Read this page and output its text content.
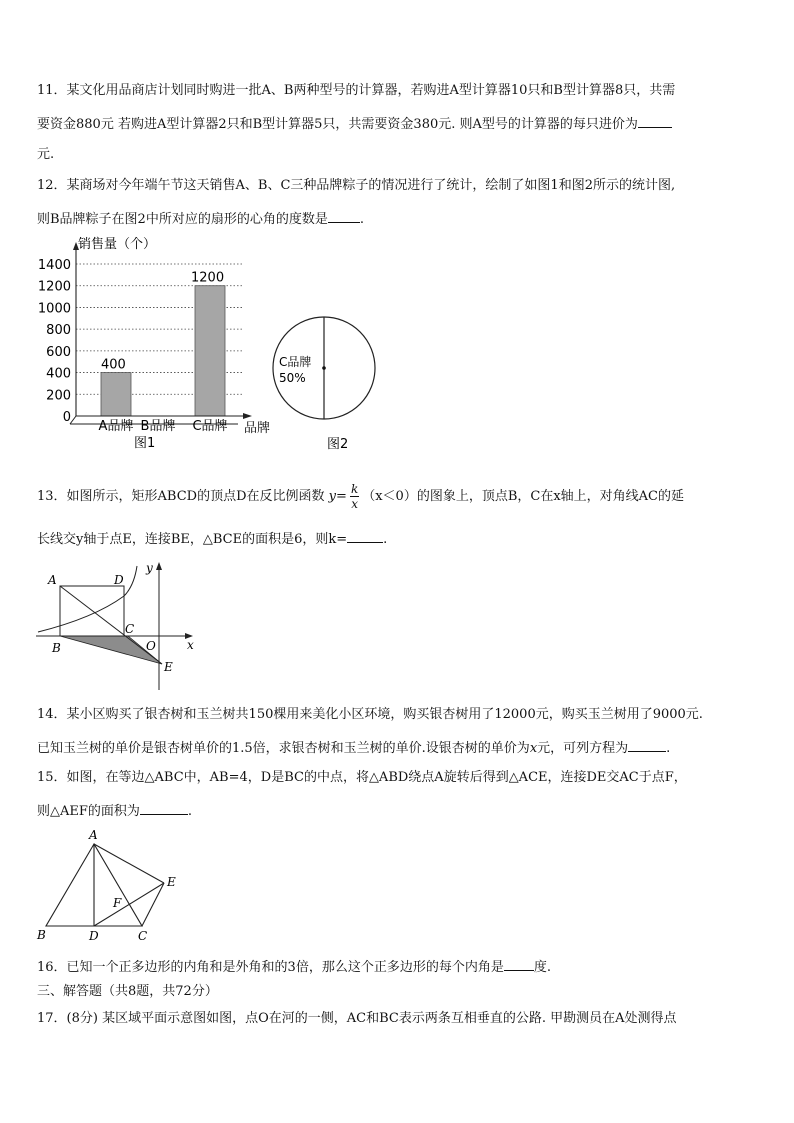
11．某文化用品商店计划同时购进一批A、B两种型号的计算器，若购进A型计算器10只和B型计算器8只，共需
要资金880元 若购进A型计算器2只和B型计算器5只，共需要资金380元. 则A型号的计算器的每只进价为
元.
12．某商场对今年端午节这天销售A、B、C三种品牌粽子的情况进行了统计，绘制了如图1和图2所示的统计图,
则B品牌粽子在图2中所对应的扇形的心角的度数是 .
0
200
400
600
800
1000
1200
1400
A品牌 B品牌 C品牌
400
1200
销售量（个）
品牌
图1
C品牌
50%
图2
13．如图所示，矩形ABCD的顶点D在反比例函数 $y= \frac{k}{x} (x<0)$的图象上，顶点B，C在x轴上，对角线AC的延
长线交y轴于点E，连接BE，△BCE的面积是6，则k=	.
A	D
B
C
O
E
x
y
14．某小区购买了银杏树和玉兰树共150棵用来美化小区环境，购买银杏树用了12000元，购买玉兰树用了9000元.
已知玉兰树的单价是银杏树单价的1.5倍，求银杏树和玉兰树的单价.设银杏树的单价为x元，可列方程为	.
15．如图，在等边△ABC中，AB=4，D是BC的中点，将△ABD绕点A旋转后得到△ACE，连接DE交AC于点F，
则△AEF的面积为	.
A
B	D	C
E
F
16．已知一个正多边形的内角和是外角和的3倍，那么这个正多边形的每个内角是 度.
三、解答题（共8题，共72分）
17．(8分) 某区域平面示意图如图，点O在河的一侧，AC和BC表示两条互相垂直的公路. 甲勘测员在A处测得点
